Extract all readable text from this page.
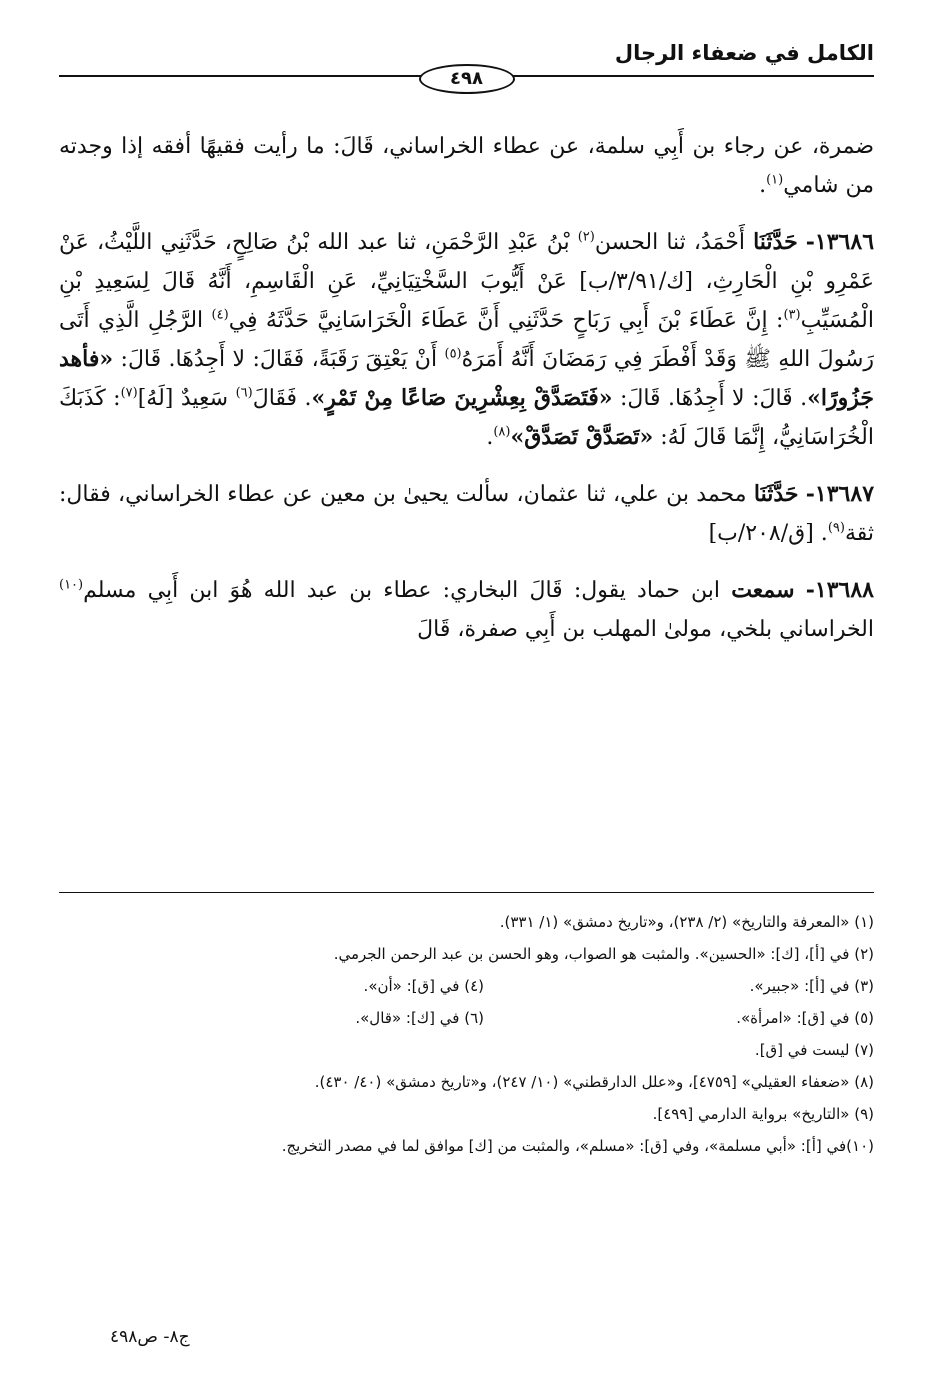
الكامل في ضعفاء الرجال
٤٩٨

ضمرة، عن رجاء بن أَبِي سلمة، عن عطاء الخراساني، قَالَ: ما رأيت فقيهًا أفقه إذا وجدته من شامي$^{(١)}$.

١٣٦٨٦- حَدَّثَنَا أَحْمَدُ، ثنا الحسن$^{(٢)}$ بْنُ عَبْدِ الرَّحْمَنِ، ثنا عبد الله بْنُ صَالِحٍ، حَدَّثَنِي اللَّيْثُ، عَنْ عَمْرِو بْنِ الْحَارِثِ، [ك/٣/٩١/ب] عَنْ أَيُّوبَ السَّخْتِيَانِيِّ، عَنِ الْقَاسِمِ، أَنَّهُ قَالَ لِسَعِيدِ بْنِ الْمُسَيِّبِ$^{(٣)}$: إِنَّ عَطَاءَ بْنَ أَبِي رَبَاحٍ حَدَّثَنِي أَنَّ عَطَاءَ الْخَرَاسَانِيَّ حَدَّثَهُ فِي$^{(٤)}$ الرَّجُلِ الَّذِي أَتَى رَسُولَ اللهِ ﷺ وَقَدْ أَفْطَرَ فِي رَمَضَانَ أَنَّهُ أَمَرَهُ$^{(٥)}$ أَنْ يَعْتِقَ رَقَبَةً، فَقَالَ: لا أَجِدُهَا. قَالَ: «فأهد جَزُورًا». قَالَ: لا أَجِدُهَا. قَالَ: «فَتَصَدَّقْ بِعِشْرِينَ صَاعًا مِنْ تَمْرٍ». فَقَالَ$^{(٦)}$ سَعِيدٌ [لَهُ]$^{(٧)}$: كَذَبَكَ الْخُرَاسَانِيُّ، إِنَّمَا قَالَ لَهُ: «تَصَدَّقْ تَصَدَّقْ»$^{(٨)}$.

١٣٦٨٧- حَدَّثَنَا محمد بن علي، ثنا عثمان، سألت يحيىٰ بن معين عن عطاء الخراساني، فقال: ثقة$^{(٩)}$. [ق/٢٠٨/ب]

١٣٦٨٨- سمعت ابن حماد يقول: قَالَ البخاري: عطاء بن عبد الله هُوَ ابن أَبِي مسلم$^{(١٠)}$ الخراساني بلخي، مولىٰ المهلب بن أَبِي صفرة، قَالَ

(١) «المعرفة والتاريخ» (٢/ ٢٣٨)، و«تاريخ دمشق» (١/ ٣٣١).

(٢) في [أ]، [ك]: «الحسين». والمثبت هو الصواب، وهو الحسن بن عبد الرحمن الجرمي.

(٣) في [أ]: «جبير».

(٤) في [ق]: «أن».

(٥) في [ق]: «امرأة».

(٦) في [ك]: «قال».

(٧) ليست في [ق].

(٨) «ضعفاء العقيلي» [٤٧٥٩]، و«علل الدارقطني» (١٠/ ٢٤٧)، و«تاريخ دمشق» (٤٠/ ٤٣٠).

(٩) «التاريخ» برواية الدارمي [٤٩٩].

(١٠)في [أ]: «أبي مسلمة»، وفي [ق]: «مسلم»، والمثبت من [ك] موافق لما في مصدر التخريج.

ج٨- ص٤٩٨
